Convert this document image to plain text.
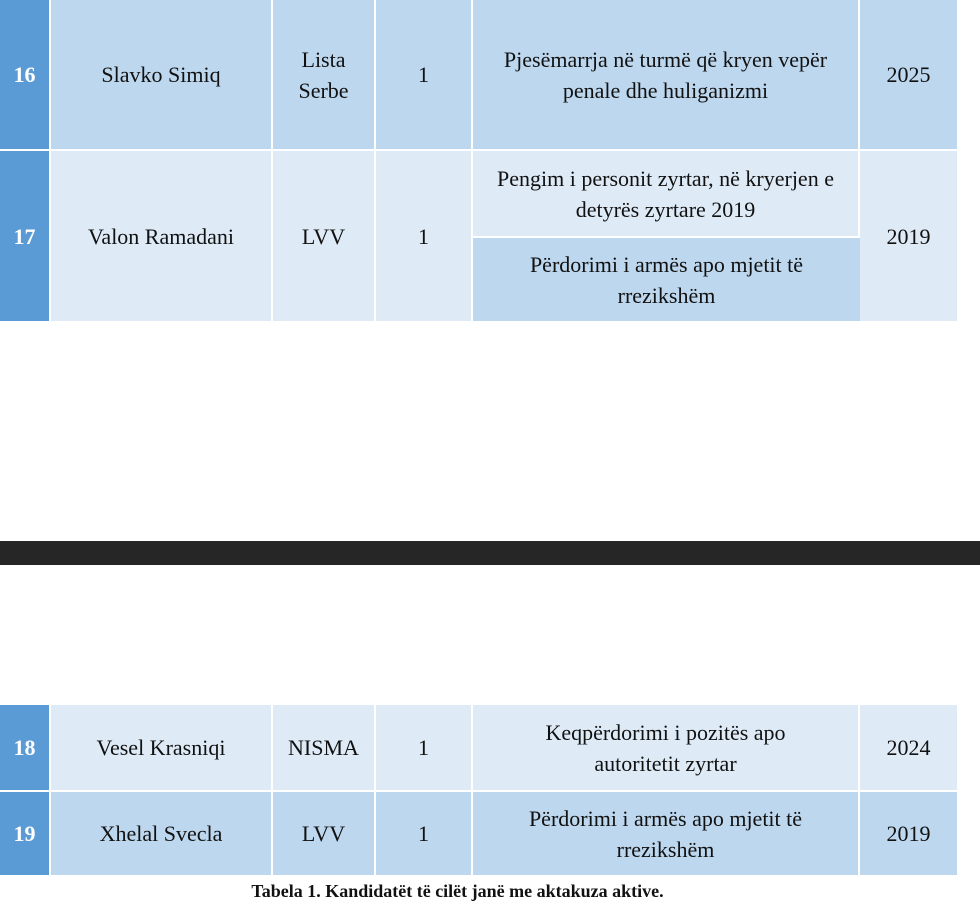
16	Slavko Simiq	Lista Serbe	1	Pjesëmarrja në turmë që kryen vepër penale dhe huliganizmi	2025
17	Valon Ramadani	LVV	1	Pengim i personit zyrtar, në kryerjen e detyrës zyrtare 2019	2019
				Përdorimi i armës apo mjetit të rrezikshëm	
18	Vesel Krasniqi	NISMA	1	Keqpërdorimi i pozitës apo autoritetit zyrtar	2024
19	Xhelal Svecla	LVV	1	Përdorimi i armës apo mjetit të rrezikshëm	2019
Tabela 1. Kandidatët të cilët janë me aktakuza aktive.
